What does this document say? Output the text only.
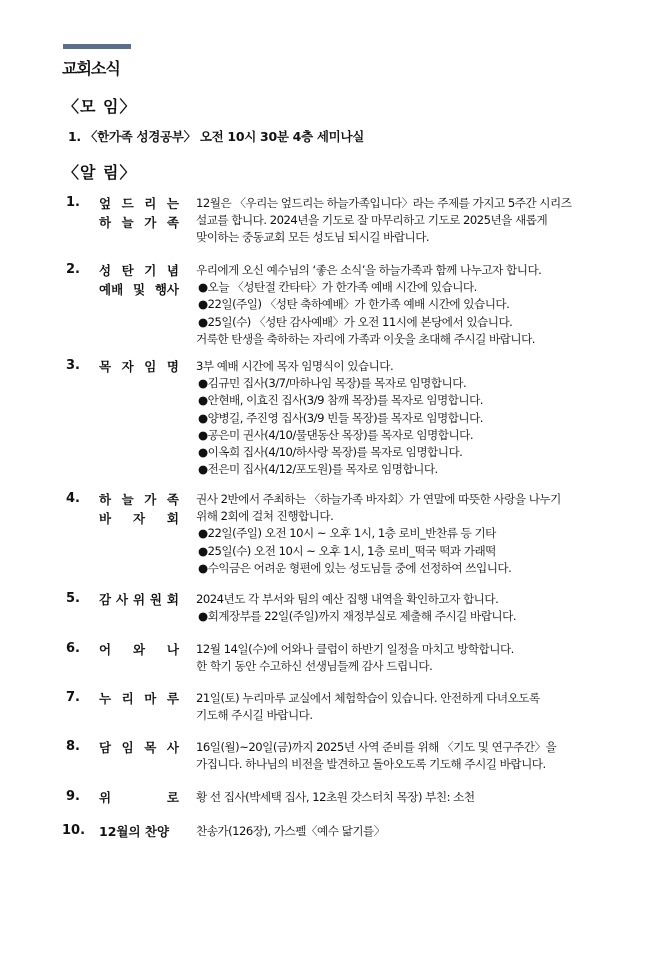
교회소식
〈모 임〉
1. 〈한가족 성경공부〉 오전 10시 30분 4층 세미나실
〈알 림〉
1. 엎 드 리 는
하 늘 가 족

12월은 〈우리는 엎드리는 하늘가족입니다〉라는 주제를 가지고 5주간 시리즈

설교를 합니다. 2024년을 기도로 잘 마무리하고 기도로 2025년을 새롭게

맞이하는 중동교회 모든 성도님 되시길 바랍니다.

2. 성 탄 기 념
예배 및 행사

우리에게 오신 예수님의 ‘좋은 소식’을 하늘가족과 함께 나누고자 합니다.

●오늘 〈성탄절 칸타타〉가 한가족 예배 시간에 있습니다.

●22일(주일) 〈성탄 축하예배〉가 한가족 예배 시간에 있습니다.

●25일(수) 〈성탄 감사예배〉가 오전 11시에 본당에서 있습니다.

거룩한 탄생을 축하하는 자리에 가족과 이웃을 초대해 주시길 바랍니다.

3. 목 자 임 명 3부 예배 시간에 목자 임명식이 있습니다.

●김규민 집사(3/7/마하나임 목장)를 목자로 임명합니다.

●안현배, 이효진 집사(3/9 참깨 목장)를 목자로 임명합니다.

●양병길, 주진영 집사(3/9 빈들 목장)를 목자로 임명합니다.

●공은미 권사(4/10/물댄동산 목장)를 목자로 임명합니다.

●이옥희 집사(4/10/하사랑 목장)를 목자로 임명합니다.

●전은미 집사(4/12/포도원)를 목자로 임명합니다.

4. 하 늘 가 족
바 자 회

권사 2반에서 주최하는 〈하늘가족 바자회〉가 연말에 따뜻한 사랑을 나누기

위해 2회에 걸쳐 진행합니다.

●22일(주일) 오전 10시 ~ 오후 1시, 1층 로비_반찬류 등 기타

●25일(수) 오전 10시 ~ 오후 1시, 1층 로비_떡국 떡과 가래떡

●수익금은 어려운 형편에 있는 성도님들 중에 선정하여 쓰입니다.

5. 감 사 위 원 회 2024년도 각 부서와 팀의 예산 집행 내역을 확인하고자 합니다.

●회계장부를 22일(주일)까지 재정부실로 제출해 주시길 바랍니다.

6. 어 와 나 12월 14일(수)에 어와나 클럽이 하반기 일정을 마치고 방학합니다.

한 학기 동안 수고하신 선생님들께 감사 드립니다.

7. 누 리 마 루 21일(토) 누리마루 교실에서 체험학습이 있습니다. 안전하게 다녀오도록

기도해 주시길 바랍니다.

8. 담 임 목 사 16일(월)~20일(금)까지 2025년 사역 준비를 위해 〈기도 및 연구주간〉을

가집니다. 하나님의 비전을 발견하고 돌아오도록 기도해 주시길 바랍니다.

9. 위	로 황 선 집사(박세택 집사, 12초원 갓스터치 목장) 부친: 소천

10. 12월의 찬양 찬송가(126장), 가스펠〈예수 닮기를〉
